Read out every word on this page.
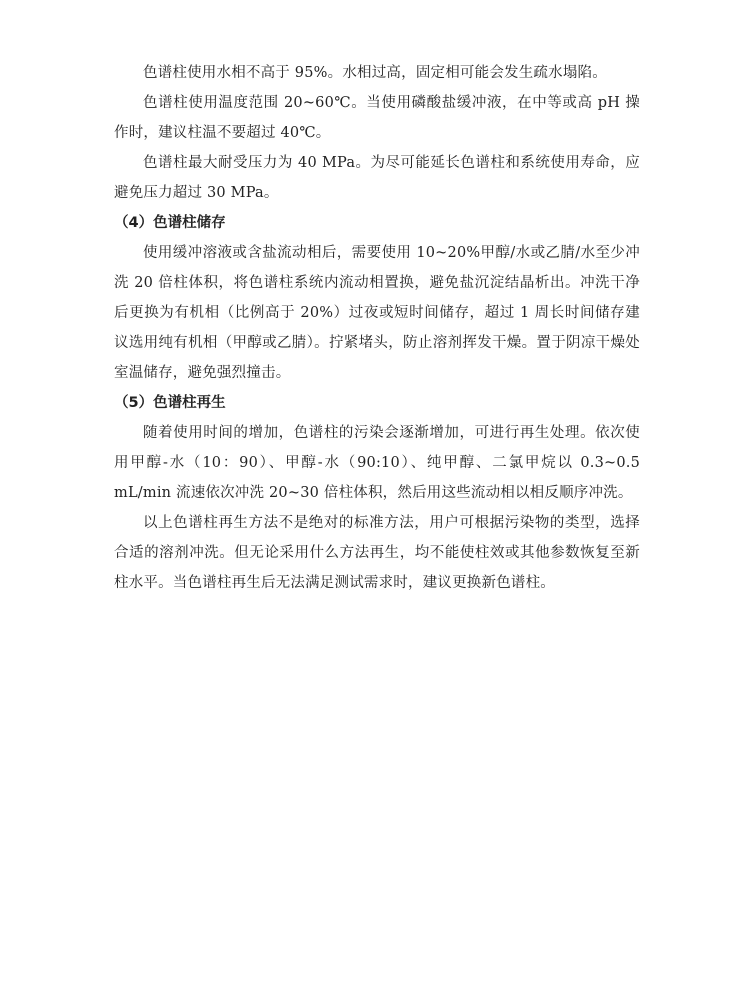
色谱柱使用水相不高于 95%。水相过高，固定相可能会发生疏水塌陷。

色谱柱使用温度范围 20~60℃。当使用磷酸盐缓冲液，在中等或高 pH 操作时，建议柱温不要超过 40℃。

色谱柱最大耐受压力为 40 MPa。为尽可能延长色谱柱和系统使用寿命，应避免压力超过 30 MPa。

（4）色谱柱储存

使用缓冲溶液或含盐流动相后，需要使用 10~20%甲醇/水或乙腈/水至少冲洗 20 倍柱体积，将色谱柱系统内流动相置换，避免盐沉淀结晶析出。冲洗干净后更换为有机相（比例高于 20%）过夜或短时间储存，超过 1 周长时间储存建议选用纯有机相（甲醇或乙腈）。拧紧堵头，防止溶剂挥发干燥。置于阴凉干燥处室温储存，避免强烈撞击。

（5）色谱柱再生

随着使用时间的增加，色谱柱的污染会逐渐增加，可进行再生处理。依次使用甲醇-水（10：90）、甲醇-水（90:10）、纯甲醇、二氯甲烷以 0.3~0.5 mL/min 流速依次冲洗 20~30 倍柱体积，然后用这些流动相以相反顺序冲洗。

以上色谱柱再生方法不是绝对的标准方法，用户可根据污染物的类型，选择合适的溶剂冲洗。但无论采用什么方法再生，均不能使柱效或其他参数恢复至新柱水平。当色谱柱再生后无法满足测试需求时，建议更换新色谱柱。
